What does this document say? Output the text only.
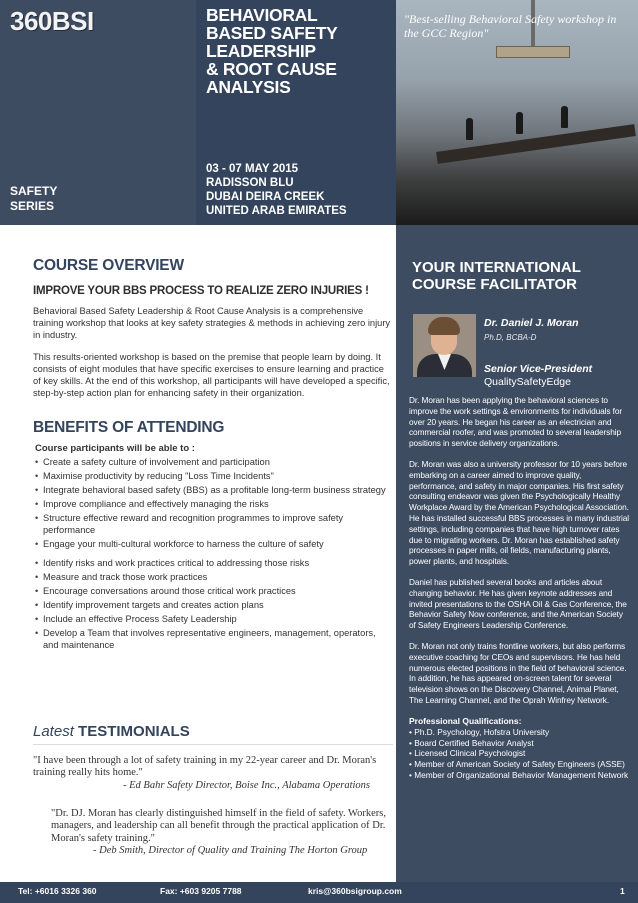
360BSI
SAFETY
SERIES
BEHAVIORAL
BASED SAFETY
LEADERSHIP
& ROOT CAUSE
ANALYSIS
03 - 07 MAY 2015
RADISSON BLU
DUBAI DEIRA CREEK
UNITED ARAB EMIRATES
"Best-selling Behavioral Safety workshop in the GCC Region"
COURSE OVERVIEW
IMPROVE YOUR BBS PROCESS TO REALIZE ZERO INJURIES !

Behavioral Based Safety Leadership & Root Cause Analysis is a comprehensive training workshop that looks at key safety strategies & methods in achieving zero injury in industry.

This results-oriented workshop is based on the premise that people learn by doing. It consists of eight modules that have specific exercises to ensure learning and practice of key skills. At the end of this workshop, all participants will have developed a specific, step-by-step action plan for enhancing safety in their organization.

BENEFITS OF ATTENDING
Course participants will be able to :
• Create a safety culture of involvement and participation
• Maximise productivity by reducing "Loss Time Incidents"
• Integrate behavioral based safety (BBS) as a profitable long-term business strategy
• Improve compliance and effectively managing the risks
• Structure effective reward and recognition programmes to improve safety performance
• Engage your multi-cultural workforce to harness the culture of safety
• Identify risks and work practices critical to addressing those risks
• Measure and track those work practices
• Encourage conversations around those critical work practices
• Identify improvement targets and creates action plans
• Include an effective Process Safety Leadership
• Develop a Team that involves representative engineers, management, operators, and maintenance
Latest TESTIMONIALS
"I have been through a lot of safety training in my 22-year career and Dr. Moran's training really hits home."
- Ed Bahr Safety Director, Boise Inc., Alabama Operations
"Dr. DJ. Moran has clearly distinguished himself in the field of safety. Workers, managers, and leadership can all benefit through the practical application of Dr. Moran's safety training."
- Deb Smith, Director of Quality and Training The Horton Group
YOUR INTERNATIONAL
COURSE FACILITATOR
Dr. Daniel J. Moran
Ph.D, BCBA-D
Senior Vice-President
QualitySafetyEdge

Dr. Moran has been applying the behavioral sciences to improve the work settings & environments for individuals for over 20 years. He began his career as an electrician and commercial roofer, and was promoted to several leadership positions in service delivery organizations.

Dr. Moran was also a university professor for 10 years before embarking on a career aimed to improve quality, performance, and safety in major companies. His first safety consulting endeavor was given the Psychologically Healthy Workplace Award by the American Psychological Association. He has installed successful BBS processes in many industrial settings, including companies that have high turnover rates due to migrating workers. Dr. Moran has established safety processes in paper mills, oil fields, manufacturing plants, power plants, and hospitals.

Daniel has published several books and articles about changing behavior. He has given keynote addresses and invited presentations to the OSHA Oil & Gas Conference, the Behavior Safety Now conference, and the American Society of Safety Engineers Leadership Conference.

Dr. Moran not only trains frontline workers, but also performs executive coaching for CEOs and supervisors. He has held numerous elected positions in the field of behavioral science. In addition, he has appeared on-screen talent for several television shows on the Discovery Channel, Animal Planet, The Learning Channel, and the Oprah Winfrey Network.

Professional Qualifications:
• Ph.D. Psychology, Hofstra University
• Board Certified Behavior Analyst
• Licensed Clinical Psychologist
• Member of American Society of Safety Engineers (ASSE)
• Member of Organizational Behavior Management Network
Tel: +6016 3326 360	Fax: +603 9205 7788	kris@360bsigroup.com	1
